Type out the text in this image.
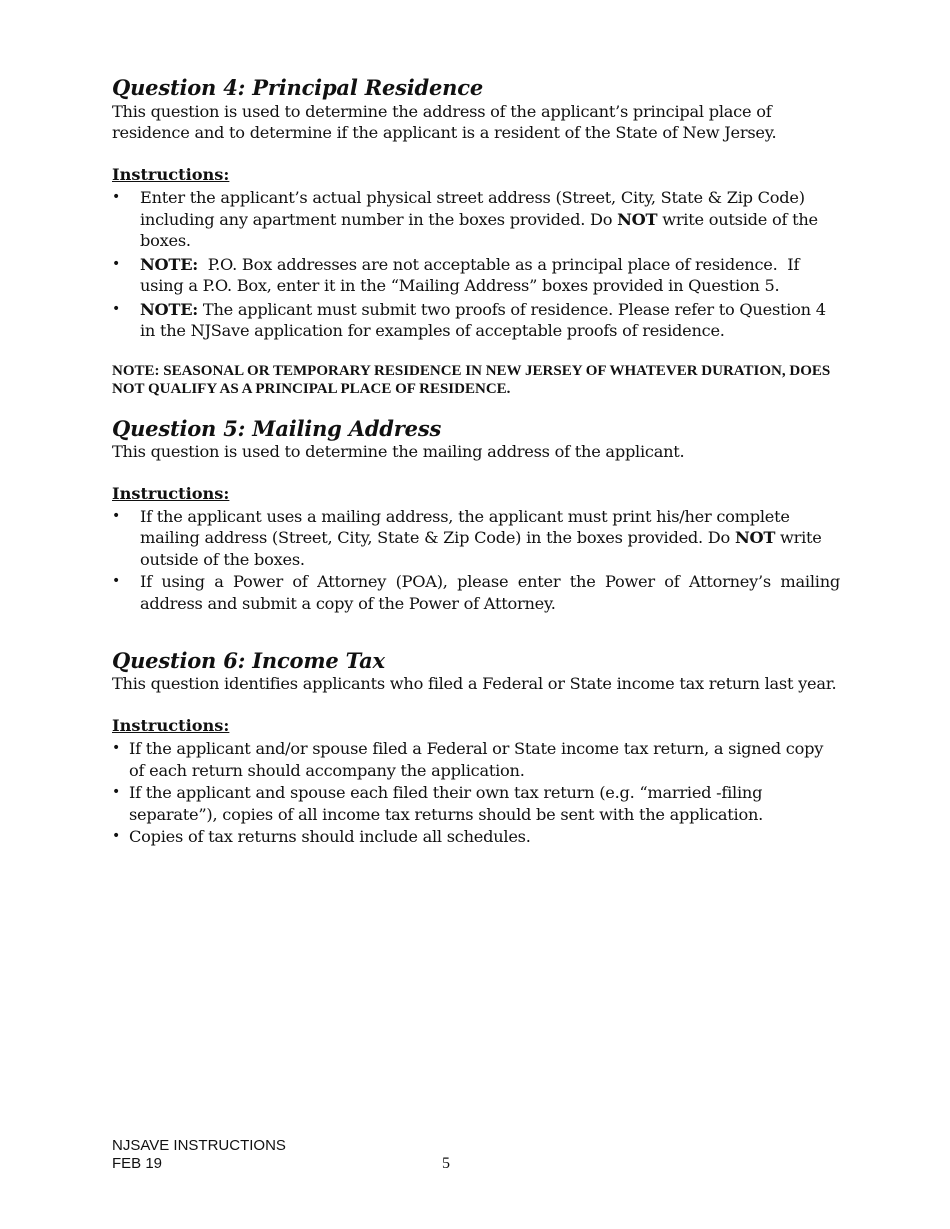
Question 4: Principal Residence

This question is used to determine the address of the applicant’s principal place of residence and to determine if the applicant is a resident of the State of New Jersey.

Instructions:

• Enter the applicant’s actual physical street address (Street, City, State & Zip Code) including any apartment number in the boxes provided. Do NOT write outside of the boxes.
• NOTE:  P.O. Box addresses are not acceptable as a principal place of residence.  If using a P.O. Box, enter it in the “Mailing Address” boxes provided in Question 5.
• NOTE: The applicant must submit two proofs of residence. Please refer to Question 4 in the NJSave application for examples of acceptable proofs of residence.

NOTE: SEASONAL OR TEMPORARY RESIDENCE IN NEW JERSEY OF WHATEVER DURATION, DOES NOT QUALIFY AS A PRINCIPAL PLACE OF RESIDENCE.

Question 5: Mailing Address

This question is used to determine the mailing address of the applicant.

Instructions:

• If the applicant uses a mailing address, the applicant must print his/her complete mailing address (Street, City, State & Zip Code) in the boxes provided. Do NOT write outside of the boxes.
• If using a Power of Attorney (POA), please enter the Power of Attorney’s mailing address and submit a copy of the Power of Attorney.
Question 6: Income Tax

This question identifies applicants who filed a Federal or State income tax return last year.

Instructions:

• If the applicant and/or spouse filed a Federal or State income tax return, a signed copy of each return should accompany the application.
• If the applicant and spouse each filed their own tax return (e.g. “married -filing separate”), copies of all income tax returns should be sent with the application.
• Copies of tax returns should include all schedules.
NJSAVE INSTRUCTIONS
FEB 19	5
